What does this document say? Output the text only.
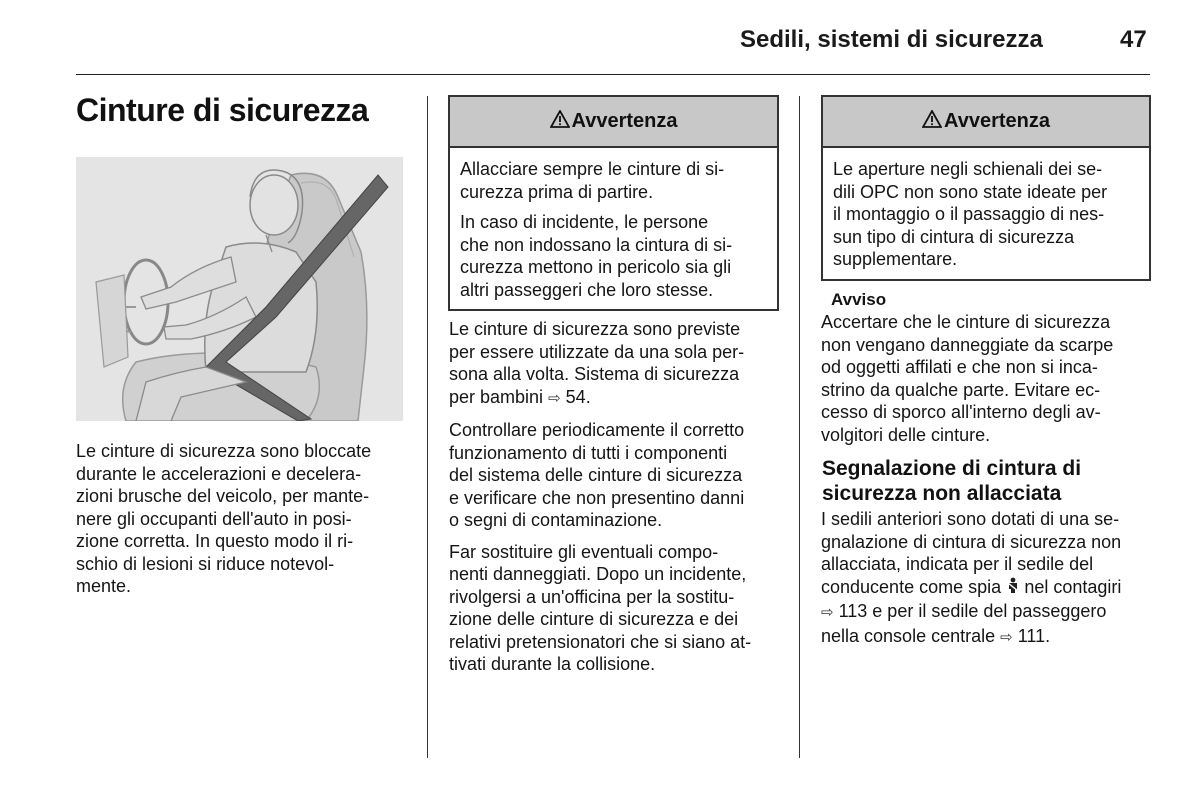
Sedili, sistemi di sicurezza	47
Cinture di sicurezza
Le cinture di sicurezza sono bloccate
durante le accelerazioni e decelera-
zioni brusche del veicolo, per mante-
nere gli occupanti dell'auto in posi-
zione corretta. In questo modo il ri-
schio di lesioni si riduce notevol-
mente.
Avvertenza

Allacciare sempre le cinture di si-
curezza prima di partire.

In caso di incidente, le persone
che non indossano la cintura di si-
curezza mettono in pericolo sia gli
altri passeggeri che loro stesse.

Le cinture di sicurezza sono previste
per essere utilizzate da una sola per-
sona alla volta. Sistema di sicurezza
per bambini ⇨ 54.

Controllare periodicamente il corretto
funzionamento di tutti i componenti
del sistema delle cinture di sicurezza
e verificare che non presentino danni
o segni di contaminazione.

Far sostituire gli eventuali compo-
nenti danneggiati. Dopo un incidente,
rivolgersi a un'officina per la sostitu-
zione delle cinture di sicurezza e dei
relativi pretensionatori che si siano at-
tivati durante la collisione.

Avvertenza

Le aperture negli schienali dei se-
dili OPC non sono state ideate per
il montaggio o il passaggio di nes-
sun tipo di cintura di sicurezza
supplementare.

Avviso
Accertare che le cinture di sicurezza
non vengano danneggiate da scarpe
od oggetti affilati e che non si inca-
strino da qualche parte. Evitare ec-
cesso di sporco all'interno degli av-
volgitori delle cinture.
Segnalazione di cintura di
sicurezza non allacciata
I sedili anteriori sono dotati di una se-
gnalazione di cintura di sicurezza non
allacciata, indicata per il sedile del
conducente come spia nel contagiri
⇨ 113 e per il sedile del passeggero
nella console centrale ⇨ 111.
